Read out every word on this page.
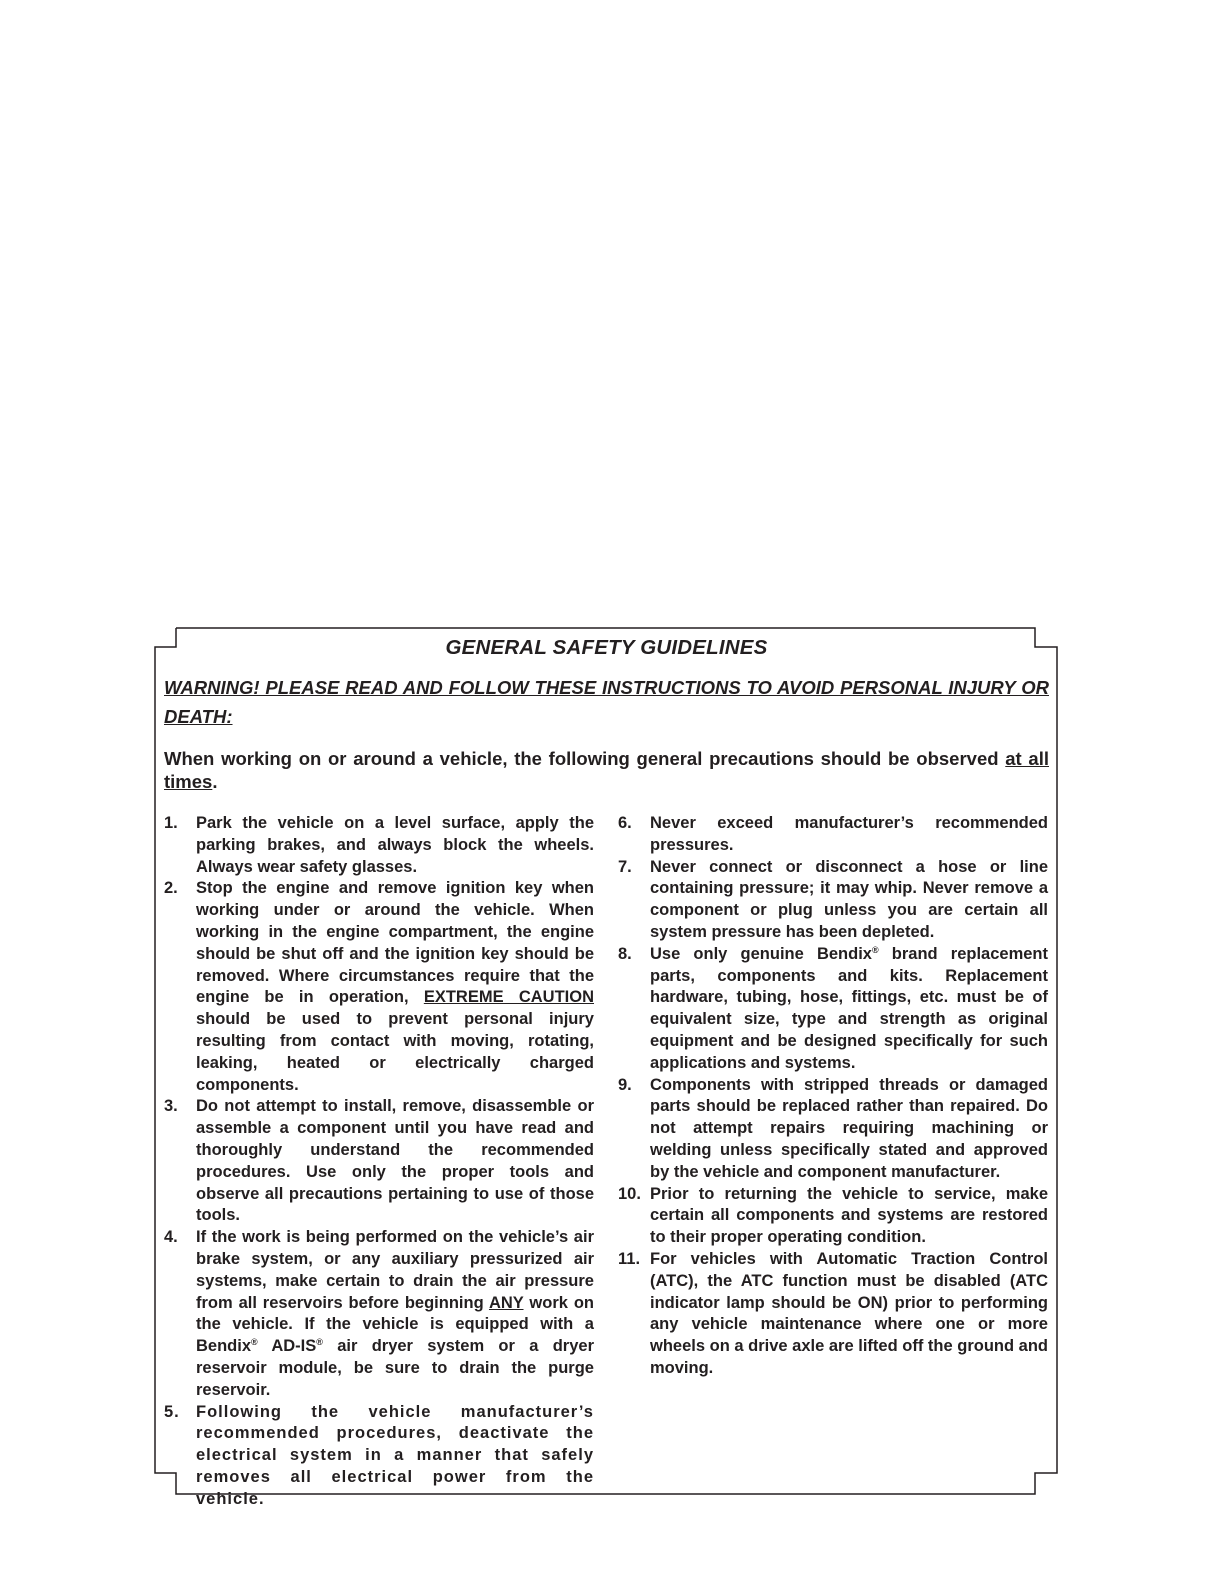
GENERAL SAFETY GUIDELINES

WARNING! PLEASE READ AND FOLLOW THESE INSTRUCTIONS TO AVOID PERSONAL INJURY OR DEATH:

When working on or around a vehicle, the following general precautions should be observed at all times.

1. Park the vehicle on a level surface, apply the parking brakes, and always block the wheels. Always wear safety glasses.
2. Stop the engine and remove ignition key when working under or around the vehicle. When working in the engine compartment, the engine should be shut off and the ignition key should be removed. Where circumstances require that the engine be in operation, EXTREME CAUTION should be used to prevent personal injury resulting from contact with moving, rotating, leaking, heated or electrically charged components.
3. Do not attempt to install, remove, disassemble or assemble a component until you have read and thoroughly understand the recommended procedures. Use only the proper tools and observe all precautions pertaining to use of those tools.
4. If the work is being performed on the vehicle’s air brake system, or any auxiliary pressurized air systems, make certain to drain the air pressure from all reservoirs before beginning ANY work on the vehicle. If the vehicle is equipped with a Bendix® AD-IS® air dryer system or a dryer reservoir module, be sure to drain the purge reservoir.
5. Following the vehicle manufacturer’s recommended procedures, deactivate the electrical system in a manner that safely removes all electrical power from the vehicle.
6. Never exceed manufacturer’s recommended pressures.
7. Never connect or disconnect a hose or line containing pressure; it may whip. Never remove a component or plug unless you are certain all system pressure has been depleted.
8. Use only genuine Bendix® brand replacement parts, components and kits. Replacement hardware, tubing, hose, fittings, etc. must be of equivalent size, type and strength as original equipment and be designed specifically for such applications and systems.
9. Components with stripped threads or damaged parts should be replaced rather than repaired. Do not attempt repairs requiring machining or welding unless specifically stated and approved by the vehicle and component manufacturer.
10. Prior to returning the vehicle to service, make certain all components and systems are restored to their proper operating condition.
11. For vehicles with Automatic Traction Control (ATC), the ATC function must be disabled (ATC indicator lamp should be ON) prior to performing any vehicle maintenance where one or more wheels on a drive axle are lifted off the ground and moving.
